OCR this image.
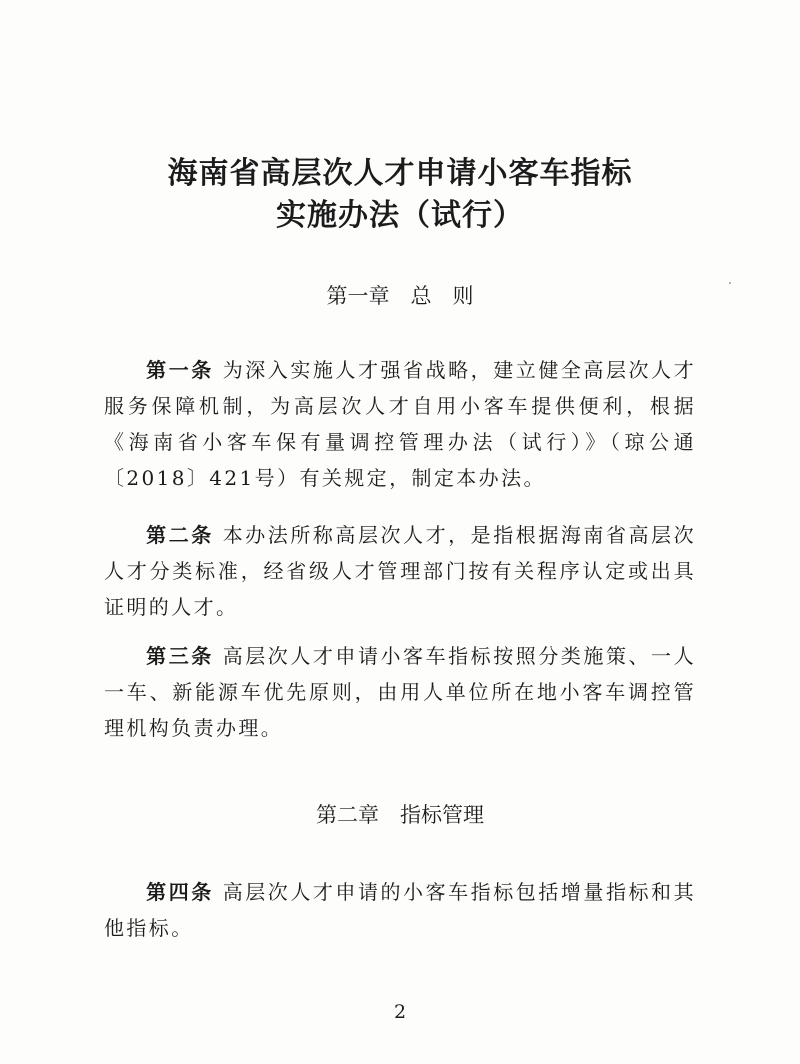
海南省高层次人才申请小客车指标
实施办法（试行）
第一章　总　则
第一条 为深入实施人才强省战略，建立健全高层次人才服务保障机制，为高层次人才自用小客车提供便利，根据《海南省小客车保有量调控管理办法（试行）》（琼公通〔2018〕421号）有关规定，制定本办法。
第二条 本办法所称高层次人才，是指根据海南省高层次人才分类标准，经省级人才管理部门按有关程序认定或出具证明的人才。
第三条 高层次人才申请小客车指标按照分类施策、一人一车、新能源车优先原则，由用人单位所在地小客车调控管理机构负责办理。
第二章　指标管理
第四条 高层次人才申请的小客车指标包括增量指标和其他指标。
2
